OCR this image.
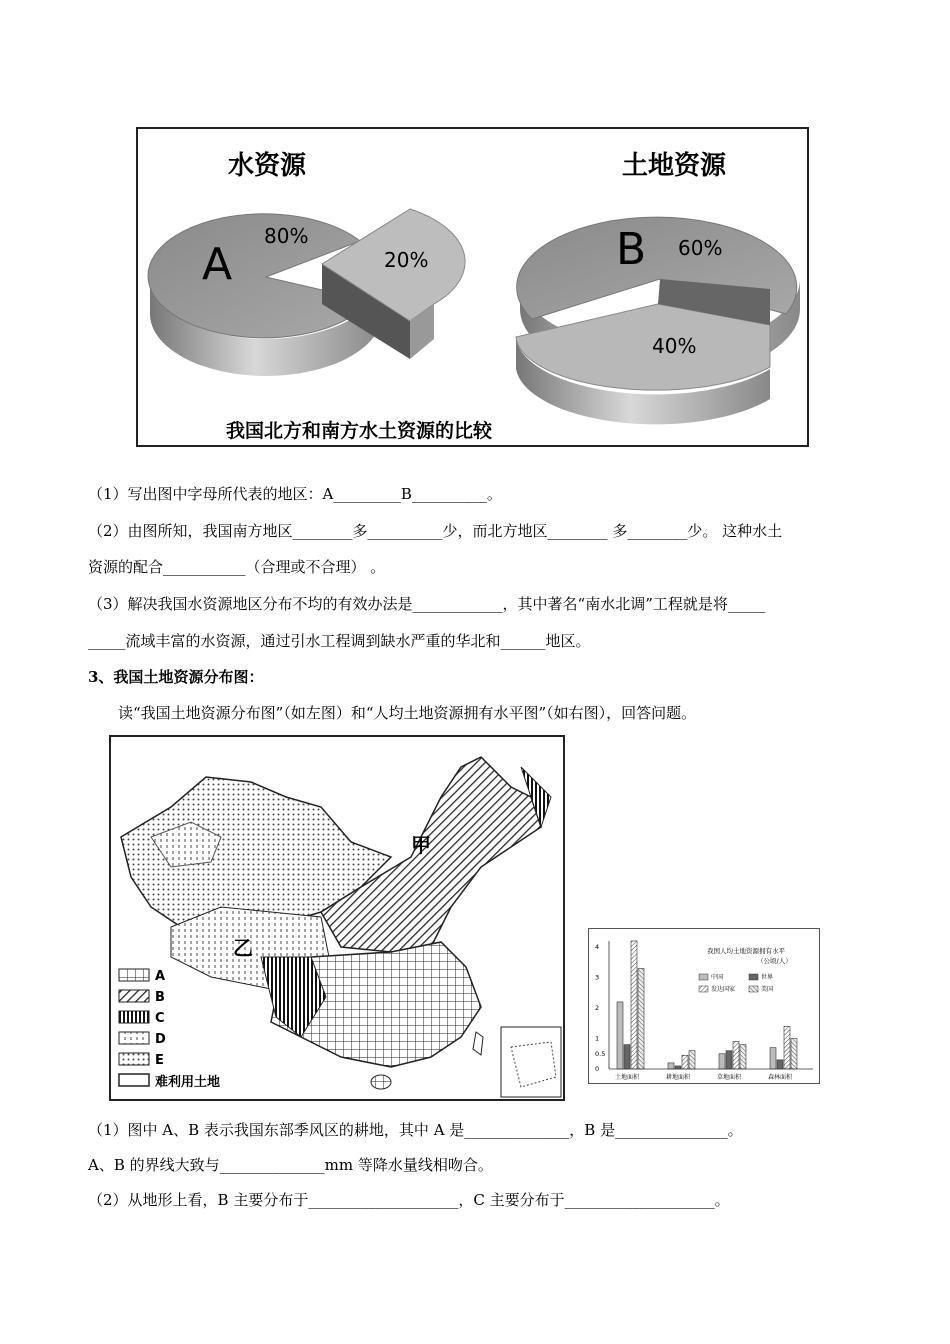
水资源	土地资源
A	B
80%
20%	60%
40%
我国北方和南方水土资源的比较
（1）写出图中字母所代表的地区：A_________B__________。
（2）由图所知，我国南方地区________多__________少，而北方地区________ 多________少。 这种水土
资源的配合___________（合理或不合理） 。
（3）解决我国水资源地区分布不均的有效办法是____________，其中著名“南水北调”工程就是将_____
_____流域丰富的水资源，通过引水工程调到缺水严重的华北和______地区。
3、我国土地资源分布图：
读“我国土地资源分布图”（如左图）和“人均土地资源拥有水平图”（如右图），回答问题。
甲
乙
A
B
C
D
E
难利用土地
我国人均土地资源拥有水平
（公顷/人）
中国	世界
发达国家	美国
4
3
2
1
0.5
0
土地面积	耕地面积	草地面积	森林面积
（1）图中 A、B 表示我国东部季风区的耕地，其中 A 是______________，B 是_______________。
A、B 的界线大致与______________mm 等降水量线相吻合。
（2）从地形上看，B 主要分布于____________________，C 主要分布于____________________。
